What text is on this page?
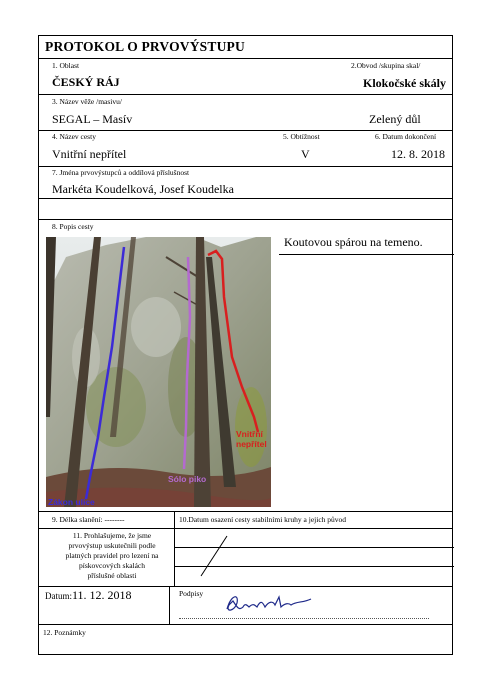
PROTOKOL O PRVOVÝSTUPU
1. Oblast	2.Obvod /skupina skal/
ČESKÝ RÁJ	Klokočské skály
3. Název věže /masivu/
SEGAL – Masív	Zelený důl
4. Název cesty	5. Obtížnost	6. Datum dokončení
Vnitřní nepřítel	V	12. 8. 2018
7. Jména prvovýstupců a oddílová příslušnost
Markéta Koudelková, Josef Koudelka
8. Popis cesty
Koutovou spárou na temeno.
Vnitřní
nepřítel
Sólo piko
Zákon ulice
9. Délka slanění: --------	10.Datum osazení cesty stabilními kruhy a jejich původ
11. Prohlašujeme, že jsme
prvovýstup uskutečnili podle
platných pravidel pro lezení na
pískovcových skalách
příslušné oblasti
Datum: 11. 12. 2018	Podpisy
12. Poznámky
